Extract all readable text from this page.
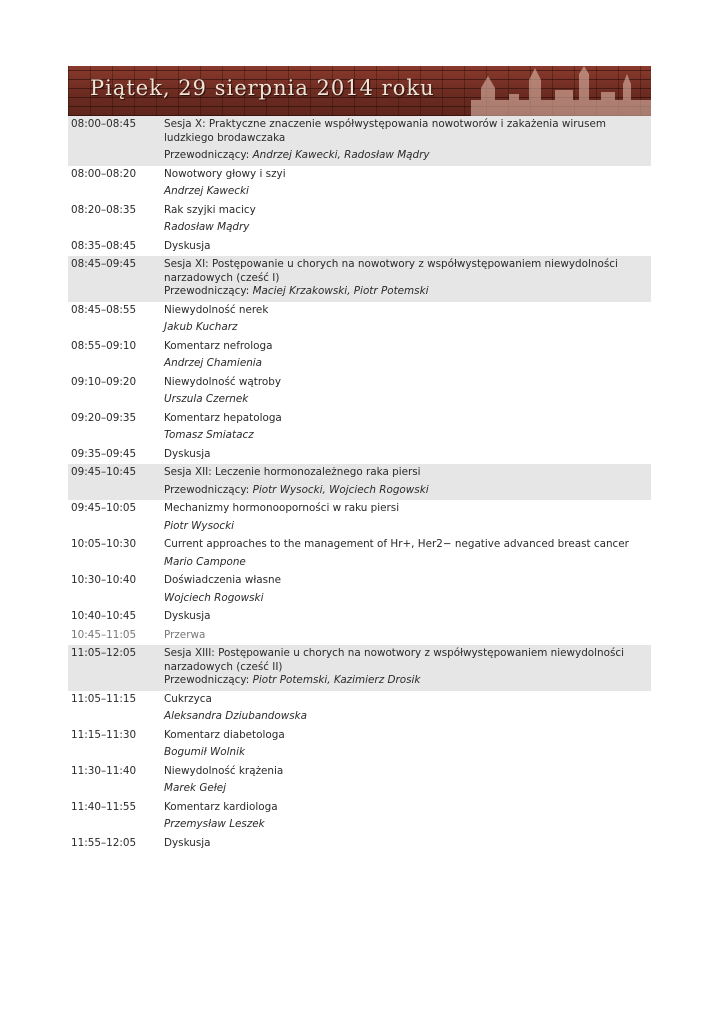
Piątek, 29 sierpnia 2014 roku
08:00–08:45	Sesja X: Praktyczne znaczenie współwystępowania nowotworów i zakażenia wirusem ludzkiego brodawczaka
Przewodniczący: Andrzej Kawecki, Radosław Mądry
08:00–08:20	Nowotwory głowy i szyi
Andrzej Kawecki
08:20–08:35	Rak szyjki macicy
Radosław Mądry
08:35–08:45	Dyskusja
08:45–09:45	Sesja XI: Postępowanie u chorych na nowotwory z współwystępowaniem niewydolności narzadowych (cześć I)
Przewodniczący: Maciej Krzakowski, Piotr Potemski
08:45–08:55	Niewydolność nerek
Jakub Kucharz
08:55–09:10	Komentarz nefrologa
Andrzej Chamienia
09:10–09:20	Niewydolność wątroby
Urszula Czernek
09:20–09:35	Komentarz hepatologa
Tomasz Smiatacz
09:35–09:45	Dyskusja
09:45–10:45	Sesja XII: Leczenie hormonozależnego raka piersi
Przewodniczący: Piotr Wysocki, Wojciech Rogowski
09:45–10:05	Mechanizmy hormonooporności w raku piersi
Piotr Wysocki
10:05–10:30	Current approaches to the management of Hr+, Her2− negative advanced breast cancer
Mario Campone
10:30–10:40	Doświadczenia własne
Wojciech Rogowski
10:40–10:45	Dyskusja
10:45–11:05	Przerwa
11:05–12:05	Sesja XIII: Postępowanie u chorych na nowotwory z współwystępowaniem niewydolności narzadowych (cześć II)
Przewodniczący: Piotr Potemski, Kazimierz Drosik
11:05–11:15	Cukrzyca
Aleksandra Dziubandowska
11:15–11:30	Komentarz diabetologa
Bogumił Wolnik
11:30–11:40	Niewydolność krążenia
Marek Gełej
11:40–11:55	Komentarz kardiologa
Przemysław Leszek
11:55–12:05	Dyskusja
